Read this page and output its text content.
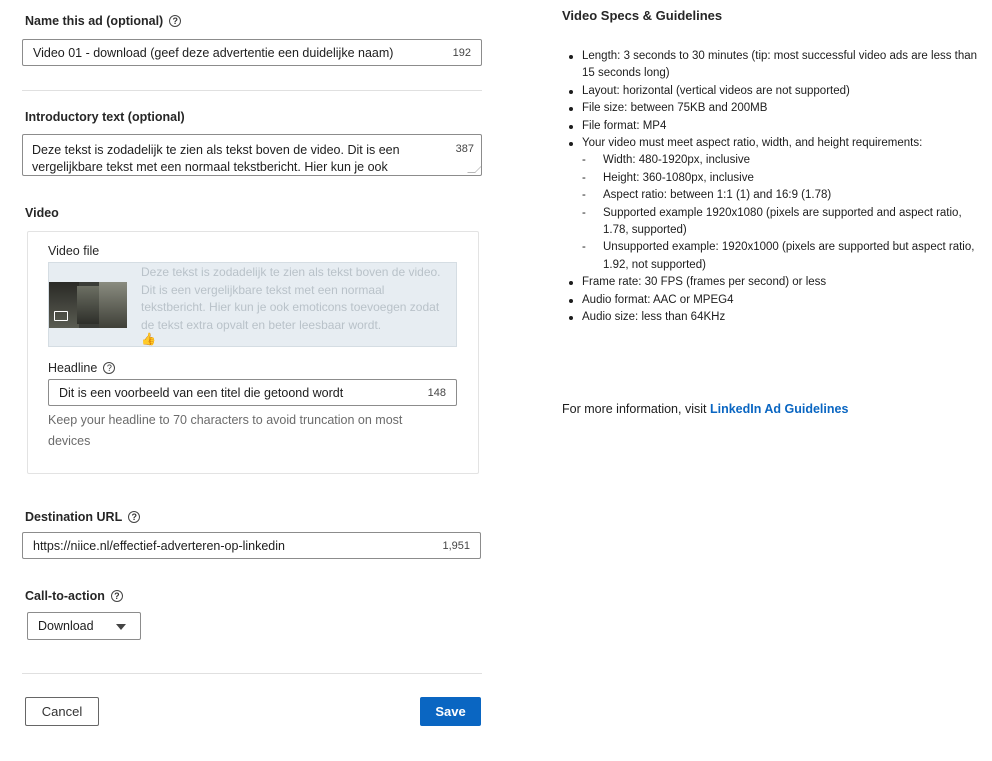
Name this ad (optional)	?
Video 01 - download (geef deze advertentie een duidelijke naam)	192
Introductory text (optional)
Deze tekst is zodadelijk te zien als tekst boven de video. Dit is een vergelijkbare tekst met een normaal tekstbericht. Hier kun je ook
387
Video
Video file
Deze tekst is zodadelijk te zien als tekst boven de video. Dit is een vergelijkbare tekst met een normaal tekstbericht. Hier kun je ook emoticons toevoegen zodat de tekst extra opvalt en beter leesbaar wordt.
👍
Headline	?
Dit is een voorbeeld van een titel die getoond wordt	148
Keep your headline to 70 characters to avoid truncation on most devices
Destination URL	?
https://niice.nl/effectief-adverteren-op-linkedin	1,951
Call-to-action	?
Download
Cancel	Save
Video Specs & Guidelines
Length: 3 seconds to 30 minutes (tip: most successful video ads are less than 15 seconds long)
Layout: horizontal (vertical videos are not supported)
File size: between 75KB and 200MB
File format: MP4
Your video must meet aspect ratio, width, and height requirements:
- Width: 480-1920px, inclusive
- Height: 360-1080px, inclusive
- Aspect ratio: between 1:1 (1) and 16:9 (1.78)
- Supported example 1920x1080 (pixels are supported and aspect ratio, 1.78, supported)
- Unsupported example: 1920x1000 (pixels are supported but aspect ratio, 1.92, not supported)
Frame rate: 30 FPS (frames per second) or less
Audio format: AAC or MPEG4
Audio size: less than 64KHz
For more information, visit LinkedIn Ad Guidelines
